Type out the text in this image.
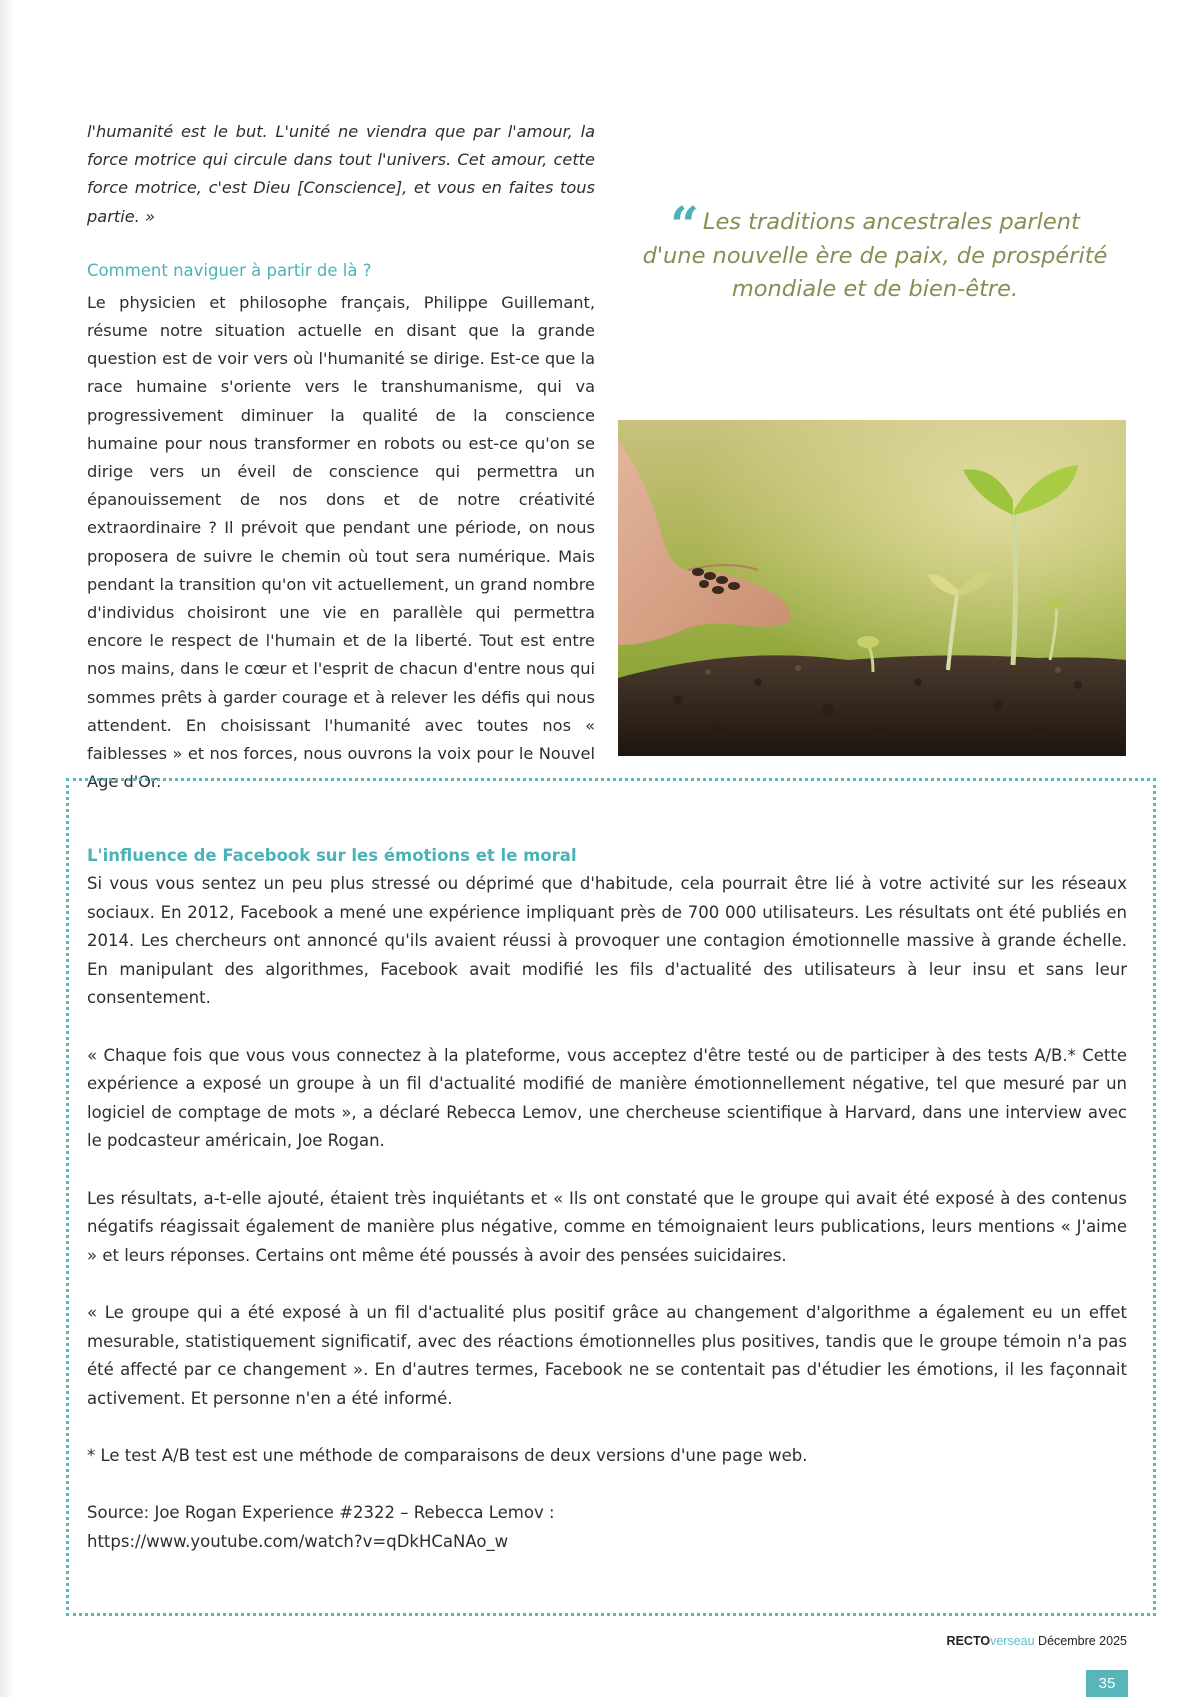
l'humanité est le but. L'unité ne viendra que par l'amour, la force motrice qui circule dans tout l'univers. Cet amour, cette force motrice, c'est Dieu [Conscience], et vous en faites tous partie. »

Comment naviguer à partir de là ?

Le physicien et philosophe français, Philippe Guillemant, résume notre situation actuelle en disant que la grande question est de voir vers où l'humanité se dirige. Est-ce que la race humaine s'oriente vers le transhumanisme, qui va progressivement diminuer la qualité de la conscience humaine pour nous transformer en robots ou est-ce qu'on se dirige vers un éveil de conscience qui permettra un épanouissement de nos dons et de notre créativité extraordinaire ? Il prévoit que pendant une période, on nous proposera de suivre le chemin où tout sera numérique. Mais pendant la transition qu'on vit actuellement, un grand nombre d'individus choisiront une vie en parallèle qui permettra encore le respect de l'humain et de la liberté. Tout est entre nos mains, dans le cœur et l'esprit de chacun d'entre nous qui sommes prêts à garder courage et à relever les défis qui nous attendent. En choisissant l'humanité avec toutes nos « faiblesses » et nos forces, nous ouvrons la voix pour le Nouvel Age d'Or.

“ Les traditions ancestrales parlent d'une nouvelle ère de paix, de prospérité mondiale et de bien-être.
L'influence de Facebook sur les émotions et le moral

Si vous vous sentez un peu plus stressé ou déprimé que d'habitude, cela pourrait être lié à votre activité sur les réseaux sociaux. En 2012, Facebook a mené une expérience impliquant près de 700 000 utilisateurs. Les résultats ont été publiés en 2014. Les chercheurs ont annoncé qu'ils avaient réussi à provoquer une contagion émotionnelle massive à grande échelle. En manipulant des algorithmes, Facebook avait modifié les fils d'actualité des utilisateurs à leur insu et sans leur consentement.

« Chaque fois que vous vous connectez à la plateforme, vous acceptez d'être testé ou de participer à des tests A/B.* Cette expérience a exposé un groupe à un fil d'actualité modifié de manière émotionnellement négative, tel que mesuré par un logiciel de comptage de mots », a déclaré Rebecca Lemov, une chercheuse scientifique à Harvard, dans une interview avec le podcasteur américain, Joe Rogan.

Les résultats, a-t-elle ajouté, étaient très inquiétants et « Ils ont constaté que le groupe qui avait été exposé à des contenus négatifs réagissait également de manière plus négative, comme en témoignaient leurs publications, leurs mentions « J'aime » et leurs réponses. Certains ont même été poussés à avoir des pensées suicidaires.

« Le groupe qui a été exposé à un fil d'actualité plus positif grâce au changement d'algorithme a également eu un effet mesurable, statistiquement significatif, avec des réactions émotionnelles plus positives, tandis que le groupe témoin n'a pas été affecté par ce changement ». En d'autres termes, Facebook ne se contentait pas d'étudier les émotions, il les façonnait activement. Et personne n'en a été informé.

* Le test A/B test est une méthode de comparaisons de deux versions d'une page web.

Source: Joe Rogan Experience #2322 – Rebecca Lemov :

https://www.youtube.com/watch?v=qDkHCaNAo_w

RECTOverseau Décembre 2025
35
